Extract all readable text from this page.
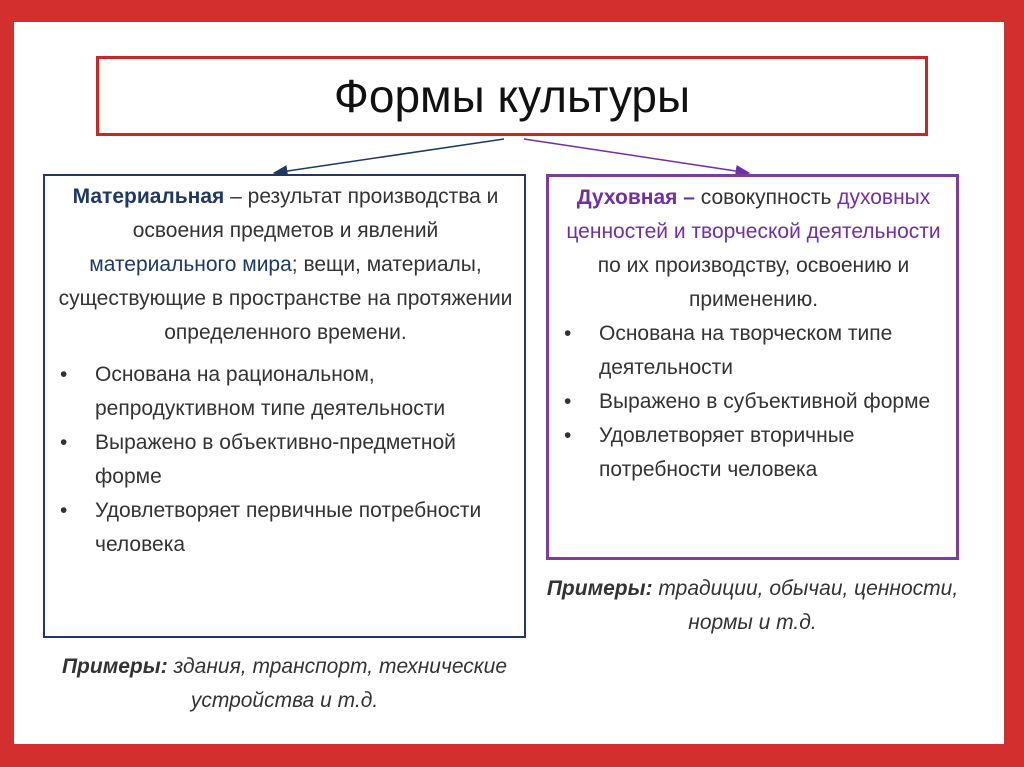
Формы культуры
Материальная – результат производства и освоения предметов и явлений материального мира; вещи, материалы, существующие в пространстве на протяжении определенного времени.
• Основана на рациональном, репродуктивном типе деятельности
• Выражено в объективно-предметной форме
• Удовлетворяет первичные потребности человека
Примеры: здания, транспорт, технические устройства и т.д.
Духовная – совокупность духовных ценностей и творческой деятельности по их производству, освоению и применению.
• Основана на творческом типе деятельности
• Выражено в субъективной форме
• Удовлетворяет вторичные потребности человека
Примеры: традиции, обычаи, ценности, нормы и т.д.
